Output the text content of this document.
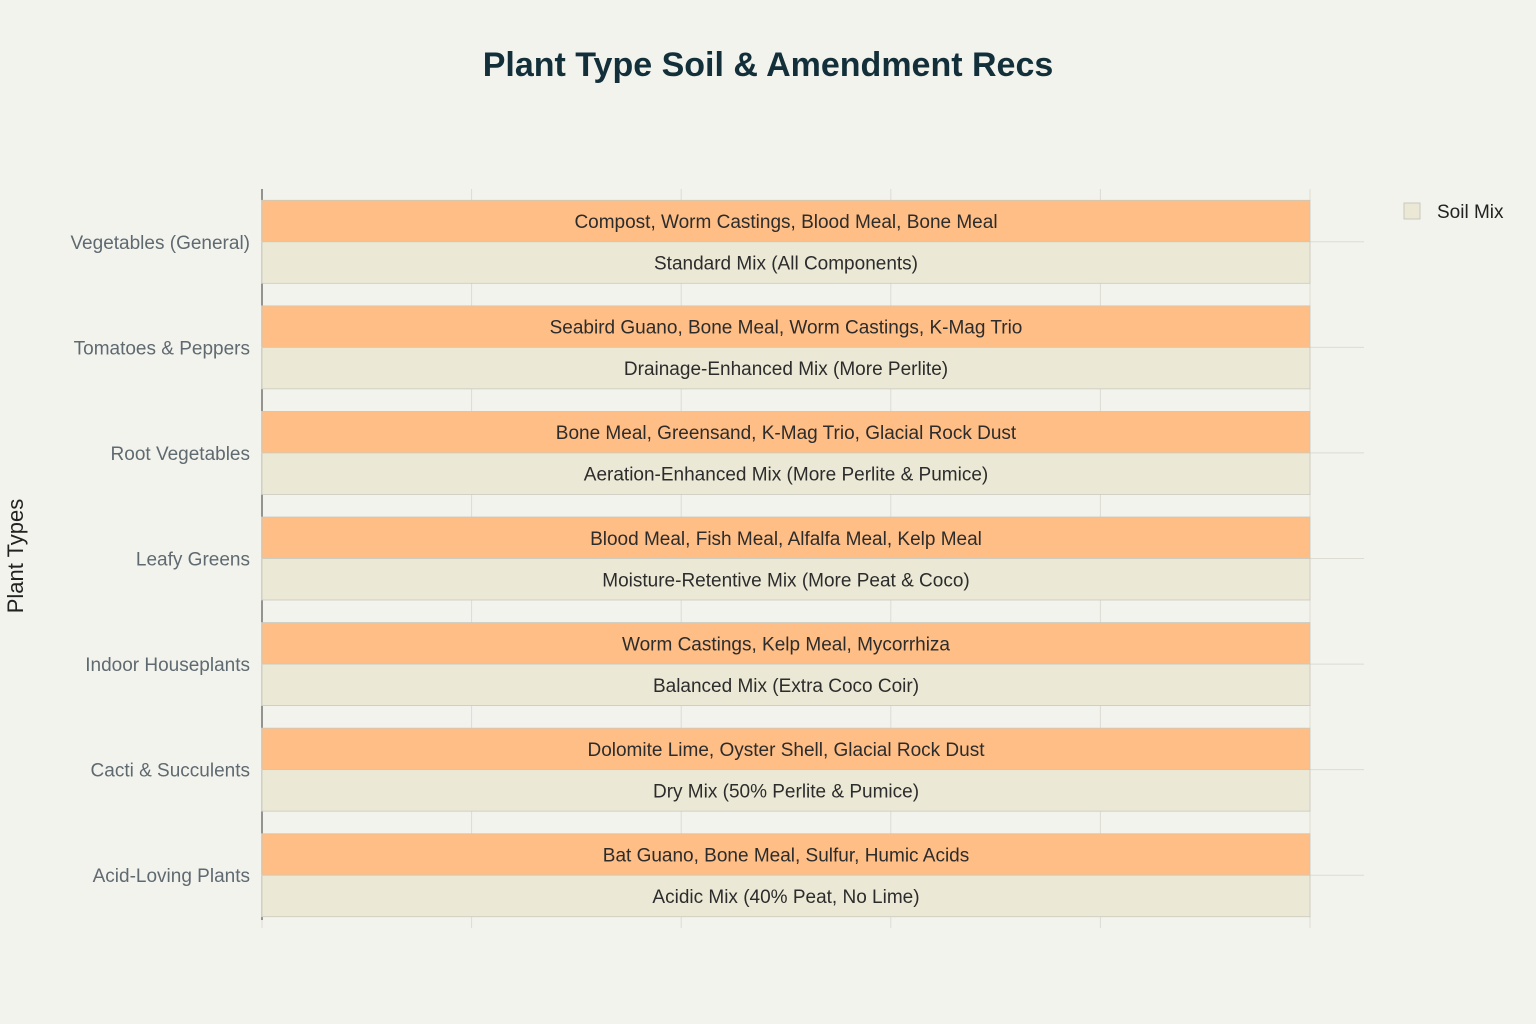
Plant Type Soil & Amendment Recs
Plant Types
Compost, Worm Castings, Blood Meal, Bone Meal
Standard Mix (All Components)
Seabird Guano, Bone Meal, Worm Castings, K-Mag Trio
Drainage-Enhanced Mix (More Perlite)
Bone Meal, Greensand, K-Mag Trio, Glacial Rock Dust
Aeration-Enhanced Mix (More Perlite & Pumice)
Blood Meal, Fish Meal, Alfalfa Meal, Kelp Meal
Moisture-Retentive Mix (More Peat & Coco)
Worm Castings, Kelp Meal, Mycorrhiza
Balanced Mix (Extra Coco Coir)
Dolomite Lime, Oyster Shell, Glacial Rock Dust
Dry Mix (50% Perlite & Pumice)
Bat Guano, Bone Meal, Sulfur, Humic Acids
Acidic Mix (40% Peat, No Lime)
Vegetables (General)
Tomatoes & Peppers
Root Vegetables
Leafy Greens
Indoor Houseplants
Cacti & Succulents
Acid-Loving Plants
Soil Mix
